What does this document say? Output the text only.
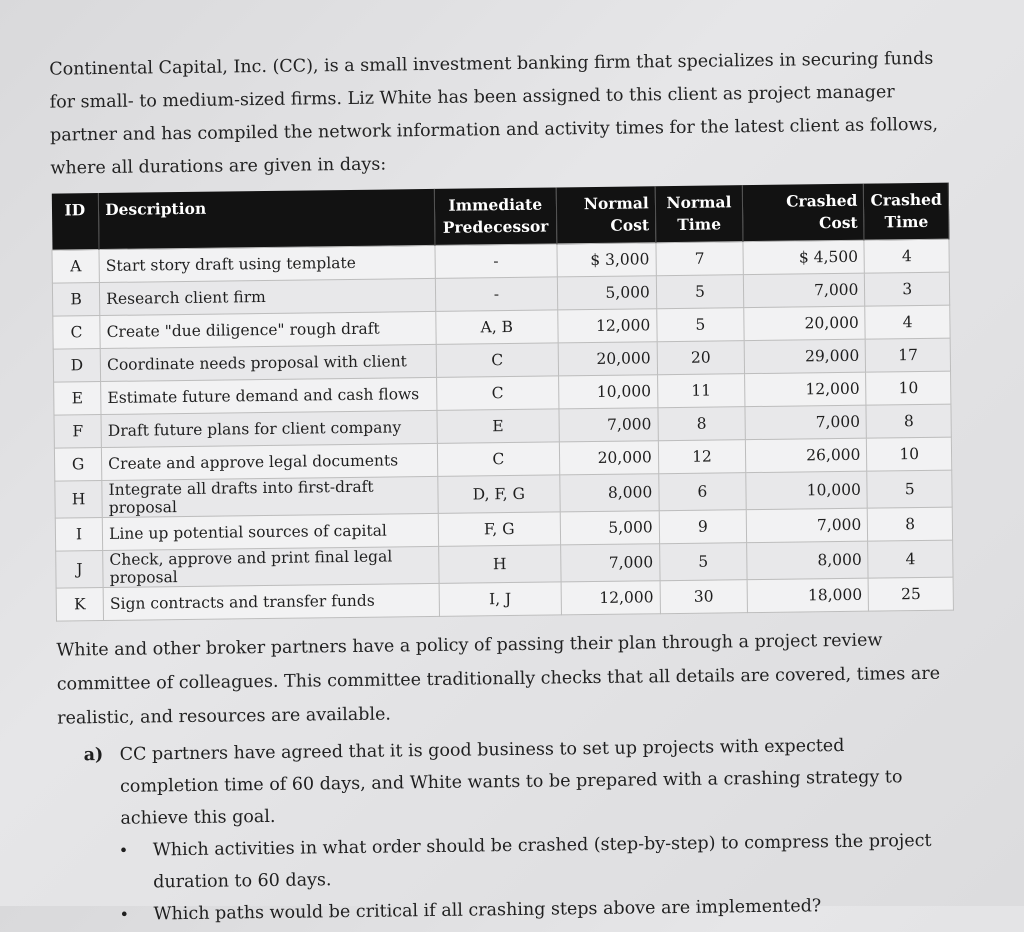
Continental Capital, Inc. (CC), is a small investment banking firm that specializes in securing funds for small- to medium-sized firms. Liz White has been assigned to this client as project manager partner and has compiled the network information and activity times for the latest client as follows, where all durations are given in days:

ID	Description	Immediate Predecessor	Normal Cost	Normal Time	Crashed Cost	Crashed Time
A	Start story draft using template	-	$ 3,000	7	$ 4,500	4
B	Research client firm	-	5,000	5	7,000	3
C	Create "due diligence" rough draft	A, B	12,000	5	20,000	4
D	Coordinate needs proposal with client	C	20,000	20	29,000	17
E	Estimate future demand and cash flows	C	10,000	11	12,000	10
F	Draft future plans for client company	E	7,000	8	7,000	8
G	Create and approve legal documents	C	20,000	12	26,000	10
H	Integrate all drafts into first-draft proposal	D, F, G	8,000	6	10,000	5
I	Line up potential sources of capital	F, G	5,000	9	7,000	8
J	Check, approve and print final legal proposal	H	7,000	5	8,000	4
K	Sign contracts and transfer funds	I, J	12,000	30	18,000	25

White and other broker partners have a policy of passing their plan through a project review committee of colleagues. This committee traditionally checks that all details are covered, times are realistic, and resources are available.

a) CC partners have agreed that it is good business to set up projects with expected completion time of 60 days, and White wants to be prepared with a crashing strategy to achieve this goal.
• Which activities in what order should be crashed (step-by-step) to compress the project duration to 60 days.
• Which paths would be critical if all crashing steps above are implemented?
